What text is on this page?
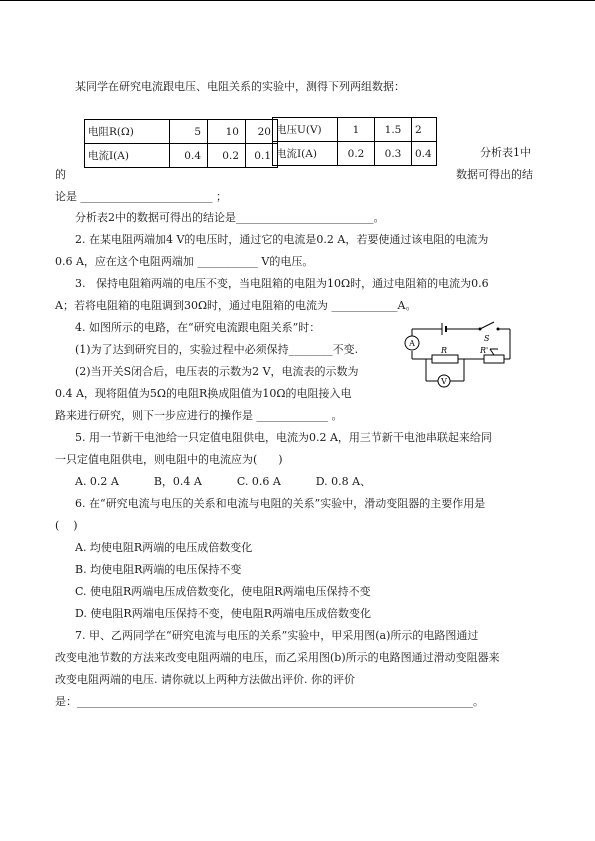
某同学在研究电流跟电压、电阻关系的实验中，测得下列两组数据：
电阻R(Ω)	5	10	20
电流I(A)	0.4	0.2	0.1
电压U(V)	1	1.5	2
电流I(A)	0.2	0.3	0.4	分析表1中
的	数据可得出的结
论是 ________________________ ；
分析表2中的数据可得出的结论是_________________________。
2. 在某电阻两端加4 V的电压时，通过它的电流是0.2 A，若要使通过该电阻的电流为
0.6 A，应在这个电阻两端加 ___________ V的电压。
3.   保持电阻箱两端的电压不变，当电阻箱的电阻为10Ω时，通过电阻箱的电流为0.6
A；若将电阻箱的电阻调到30Ω时，通过电阻箱的电流为 ____________A。
4. 如图所示的电路，在“研究电流跟电阻关系”时：
(1)为了达到研究目的，实验过程中必须保持________不变.
(2)当开关S闭合后，电压表的示数为2 V，电流表的示数为
0.4 A，现将阻值为5Ω的电阻R换成阻值为10Ω的电阻接入电
路来进行研究，则下一步应进行的操作是 _____________ 。
A
V
S
R	R'
5. 用一节新干电池给一只定值电阻供电，电流为0.2 A，用三节新干电池串联起来给同
一只定值电阻供电，则电阻中的电流应为(      )
A. 0.2 A          B，0.4 A          C. 0.6 A          D. 0.8 A、
6. 在“研究电流与电压的关系和电流与电阻的关系”实验中，滑动变阻器的主要作用是
(    )
A. 均使电阻R两端的电压成倍数变化
B. 均使电阻R两端的电压保持不变
C. 使电阻R两端电压成倍数变化，使电阻R两端电压保持不变
D. 使电阻R两端电压保持不变，使电阻R两端电压成倍数变化
7. 甲、乙两同学在“研究电流与电压的关系”实验中，甲采用图(a)所示的电路图通过
改变电池节数的方法来改变电阻两端的电压，而乙采用图(b)所示的电路图通过滑动变阻器来
改变电阻两端的电压. 请你就以上两种方法做出评价. 你的评价
是：________________________________________________________________________。
